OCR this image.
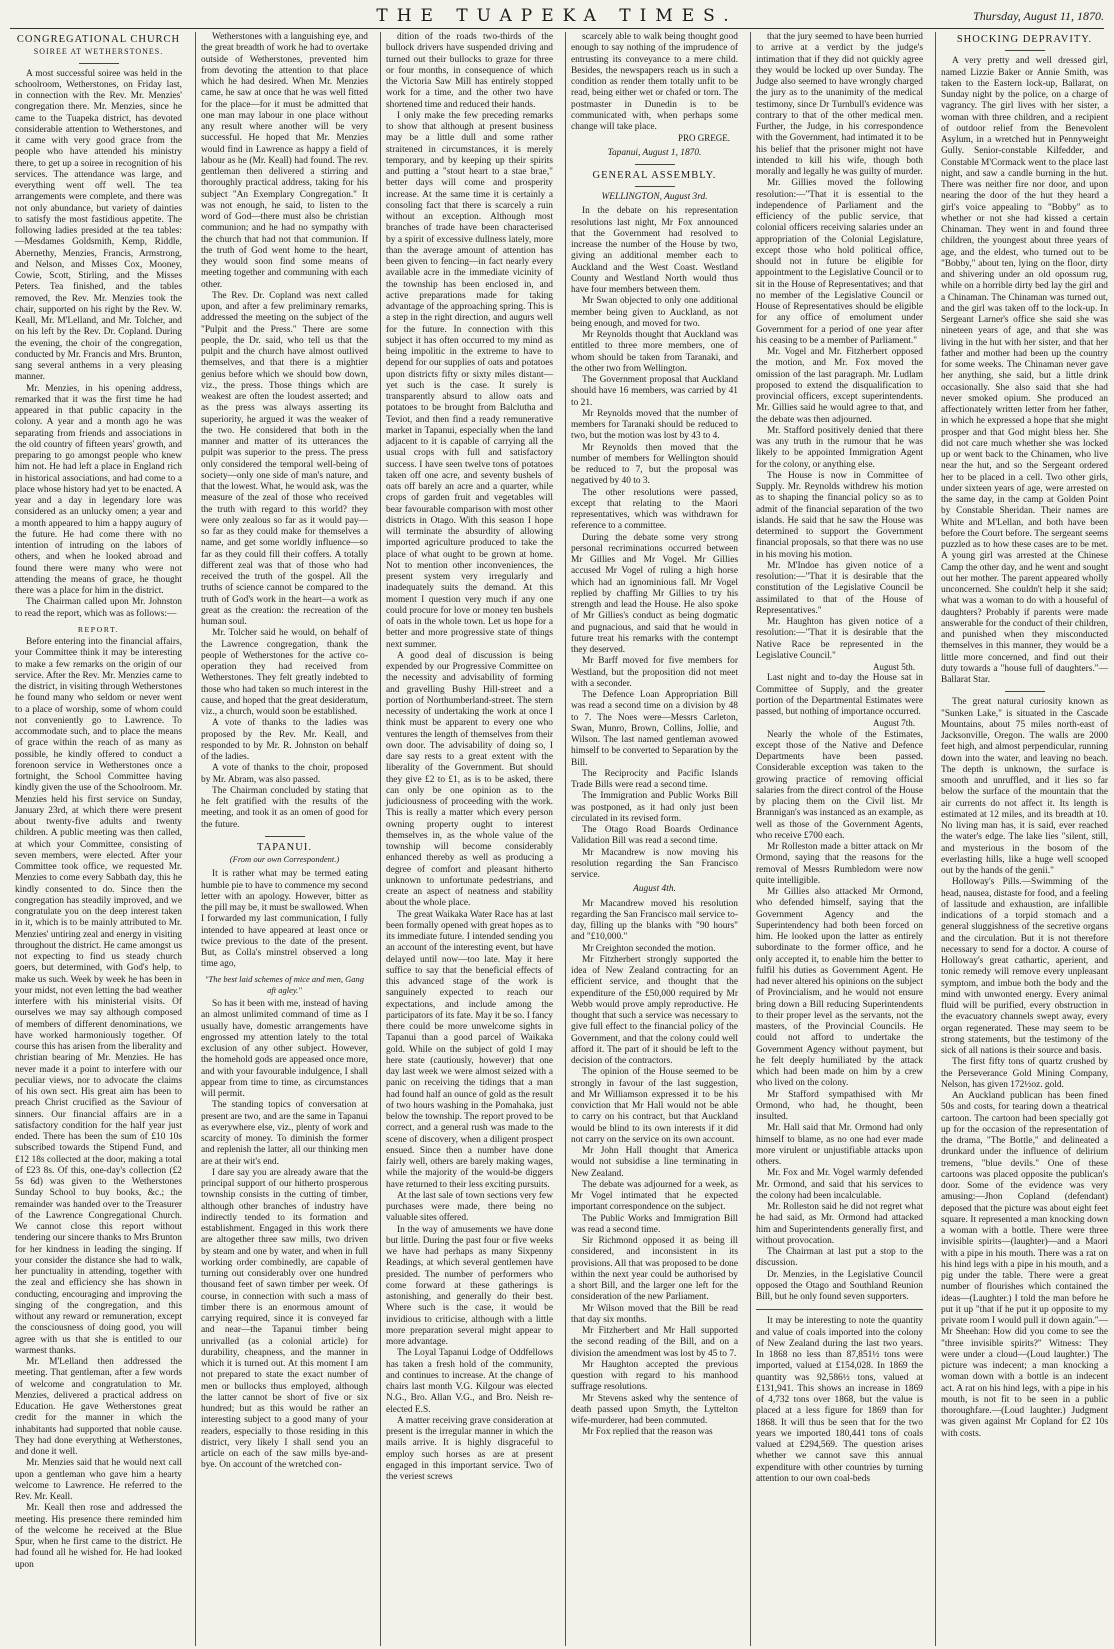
THE TUAPEKA TIMES.	Thursday, August 11, 1870.
CONGREGATIONAL CHURCH
SOIREE AT WETHERSTONES.

A most successful soiree was held in the schoolroom, Wetherstones, on Friday last, in connection with the Rev. Mr. Menzies' congregation there. Mr. Menzies, since he came to the Tuapeka district, has devoted considerable attention to Wetherstones, and it came with very good grace from the people who have attended his ministry there, to get up a soiree in recognition of his services. The attendance was large, and everything went off well. The tea arrangements were complete, and there was not only abundance, but variety of dainties to satisfy the most fastidious appetite. The following ladies presided at the tea tables:—Mesdames Goldsmith, Kemp, Riddle, Abernethy, Menzies, Francis, Armstrong, and Nelson, and Misses Cox, Mooney, Cowie, Scott, Stirling, and the Misses Peters. Tea finished, and the tables removed, the Rev. Mr. Menzies took the chair, supported on his right by the Rev. W. Keall, Mr. M'Lelland, and Mr. Tolcher, and on his left by the Rev. Dr. Copland. During the evening, the choir of the congregation, conducted by Mr. Francis and Mrs. Brunton, sang several anthems in a very pleasing manner.

Mr. Menzies, in his opening address, remarked that it was the first time he had appeared in that public capacity in the colony. A year and a month ago he was separating from friends and associations in the old country of fifteen years' growth, and preparing to go amongst people who knew him not. He had left a place in England rich in historical associations, and had come to a place whose history had yet to be enacted. A year and a day in legendary lore was considered as an unlucky omen; a year and a month appeared to him a happy augury of the future. He had come there with no intention of intruding on the labors of others, and when he looked abroad and found there were many who were not attending the means of grace, he thought there was a place for him in the district.

The Chairman called upon Mr. Johnston to read the report, which was as follows:—

REPORT.

Before entering into the financial affairs, your Committee think it may be interesting to make a few remarks on the origin of our service. After the Rev. Mr. Menzies came to the district, in visiting through Wetherstones he found many who seldom or never went to a place of worship, some of whom could not conveniently go to Lawrence. To accommodate such, and to place the means of grace within the reach of as many as possible, he kindly offered to conduct a forenoon service in Wetherstones once a fortnight, the School Committee having kindly given the use of the Schoolroom. Mr. Menzies held his first service on Sunday, January 23rd, at which there were present about twenty-five adults and twenty children. A public meeting was then called, at which your Committee, consisting of seven members, were elected. After your Committee took office, we requested Mr. Menzies to come every Sabbath day, this he kindly consented to do. Since then the congregation has steadily improved, and we congratulate you on the deep interest taken in it, which is to be mainly attributed to Mr. Menzies' untiring zeal and energy in visiting throughout the district. He came amongst us not expecting to find us steady church goers, but determined, with God's help, to make us such. Week by week he has been in your midst, not even letting the bad weather interfere with his ministerial visits. Of ourselves we may say although composed of members of different denominations, we have worked harmoniously together. Of course this has arisen from the liberality and christian bearing of Mr. Menzies. He has never made it a point to interfere with our peculiar views, nor to advocate the claims of his own sect. His great aim has been to preach Christ crucified as the Saviour of sinners. Our financial affairs are in a satisfactory condition for the half year just ended. There has been the sum of £10 10s subscribed towards the Stipend Fund, and £12 18s collected at the door, making a total of £23 8s. Of this, one-day's collection (£2 5s 6d) was given to the Wetherstones Sunday School to buy books, &c.; the remainder was handed over to the Treasurer of the Lawrence Congregational Church. We cannot close this report without tendering our sincere thanks to Mrs Brunton for her kindness in leading the singing. If your consider the distance she had to walk, her punctuality in attending, together with the zeal and efficiency she has shown in conducting, encouraging and improving the singing of the congregation, and this without any reward or remuneration, except the consciousness of doing good, you will agree with us that she is entitled to our warmest thanks.

Mr. M'Lelland then addressed the meeting. That gentleman, after a few words of welcome and congratulation to Mr. Menzies, delivered a practical address on Education. He gave Wetherstones great credit for the manner in which the inhabitants had supported that noble cause. They had done everything at Wetherstones, and done it well.

Mr. Menzies said that he would next call upon a gentleman who gave him a hearty welcome to Lawrence. He referred to the Rev. Mr. Keall.

Mr. Keall then rose and addressed the meeting. His presence there reminded him of the welcome he received at the Blue Spur, when he first came to the district. He had found all he wished for. He had looked upon

Wetherstones with a languishing eye, and the great breadth of work he had to overtake outside of Wetherstones, prevented him from devoting the attention to that place which he had desired. When Mr. Menzies came, he saw at once that he was well fitted for the place—for it must be admitted that one man may labour in one place without any result where another will be very successful. He hoped that Mr. Menzies would find in Lawrence as happy a field of labour as he (Mr. Keall) had found. The rev. gentleman then delivered a stirring and thoroughly practical address, taking for his subject "An Exemplary Congregation." It was not enough, he said, to listen to the word of God—there must also be christian communion; and he had no sympathy with the church that had not that communion. If the truth of God went home to the heart, they would soon find some means of meeting together and communing with each other.

The Rev. Dr. Copland was next called upon, and after a few preliminary remarks, addressed the meeting on the subject of the "Pulpit and the Press." There are some people, the Dr. said, who tell us that the pulpit and the church have almost outlived themselves, and that there is a mightier genius before which we should bow down, viz., the press. Those things which are weakest are often the loudest asserted; and as the press was always asserting its superiority, he argued it was the weaker of the two. He considered that both in the manner and matter of its utterances the pulpit was superior to the press. The press only considered the temporal well-being of society—only one side of man's nature, and that the lowest. What, he would ask, was the measure of the zeal of those who received the truth with regard to this world? they were only zealous so far as it would pay—so far as they could make for themselves a name, and get some worldly influence—so far as they could fill their coffers. A totally different zeal was that of those who had received the truth of the gospel. All the truths of science cannot be compared to the truth of God's work in the heart—a work as great as the creation: the recreation of the human soul.

Mr. Tolcher said he would, on behalf of the Lawrence congregation, thank the people of Wetherstones for the active co-operation they had received from Wetherstones. They felt greatly indebted to those who had taken so much interest in the cause, and hoped that the great desideratum, viz., a church, would soon be established.

A vote of thanks to the ladies was proposed by the Rev. Mr. Keall, and responded to by Mr. R. Johnston on behalf of the ladies.

A vote of thanks to the choir, proposed by Mr. Abram, was also passed.

The Chairman concluded by stating that he felt gratified with the results of the meeting, and took it as an omen of good for the future.

TAPANUI.
(From our own Correspondent.)

It is rather what may be termed eating humble pie to have to commence my second letter with an apology. However, bitter as the pill may be, it must be swallowed. When I forwarded my last communication, I fully intended to have appeared at least once or twice previous to the date of the present. But, as Colla's minstrel observed a long time ago,

"The best laid schemes of mice and men, Gang aft agley."

So has it been with me, instead of having an almost unlimited command of time as I usually have, domestic arrangements have engrossed my attention lately to the total exclusion of any other subject. However, the homehold gods are appeased once more, and with your favourable indulgence, I shall appear from time to time, as circumstances will permit.

The standing topics of conversation at present are two, and are the same in Tapanui as everywhere else, viz., plenty of work and scarcity of money. To diminish the former and replenish the latter, all our thinking men are at their wit's end.

I dare say you are already aware that the principal support of our hitherto prosperous township consists in the cutting of timber, although other branches of industry have indirectly tended to its formation and establishment. Engaged in this work there are altogether three saw mills, two driven by steam and one by water, and when in full working order combinedly, are capable of turning out considerably over one hundred thousand feet of sawn timber per week. Of course, in connection with such a mass of timber there is an enormous amount of carrying required, since it is conveyed far and near—the Tapanui timber being unrivalled (as a colonial article) for durability, cheapness, and the manner in which it is turned out. At this moment I am not prepared to state the exact number of men or bullocks thus employed, although the latter cannot be short of five or six hundred; but as this would be rather an interesting subject to a good many of your readers, especially to those residing in this district, very likely I shall send you an article on each of the saw mills bye-and-bye. On account of the wretched con-

dition of the roads two-thirds of the bullock drivers have suspended driving and turned out their bullocks to graze for three or four months, in consequence of which the Victoria Saw Mill has entirely stopped work for a time, and the other two have shortened time and reduced their hands.

I only make the few preceding remarks to show that although at present business may be a little dull and some rather straitened in circumstances, it is merely temporary, and by keeping up their spirits and putting a "stout heart to a stae brae," better days will come and prosperity increase. At the same time it is certainly a consoling fact that there is scarcely a ruin without an exception. Although most branches of trade have been characterised by a spirit of excessive dullness lately, more than the average amount of attention has been given to fencing—in fact nearly every available acre in the immediate vicinity of the township has been enclosed in, and active preparations made for taking advantage of the approaching spring. This is a step in the right direction, and augurs well for the future. In connection with this subject it has often occurred to my mind as being impolitic in the extreme to have to depend for our supplies of oats and potatoes upon districts fifty or sixty miles distant—yet such is the case. It surely is transparently absurd to allow oats and potatoes to be brought from Balclutha and Teviot, and then find a ready remunerative market in Tapanui, especially when the land adjacent to it is capable of carrying all the usual crops with full and satisfactory success. I have seen twelve tons of potatoes taken off one acre, and seventy bushels of oats off barely an acre and a quarter, while crops of garden fruit and vegetables will bear favourable comparison with most other districts in Otago. With this season I hope will terminate the absurdity of allowing imported agriculture produced to take the place of what ought to be grown at home. Not to mention other inconveniences, the present system very irregularly and inadequately suits the demand. At this moment I question very much if any one could procure for love or money ten bushels of oats in the whole town. Let us hope for a better and more progressive state of things next summer.

A good deal of discussion is being expended by our Progressive Committee on the necessity and advisability of forming and gravelling Bushy Hill-street and a portion of Northumberland-street. The stern necessity of undertaking the work at once I think must be apparent to every one who ventures the length of themselves from their own door. The advisability of doing so, I dare say rests to a great extent with the liberality of the Government. But should they give £2 to £1, as is to be asked, there can only be one opinion as to the judiciousness of proceeding with the work. This is really a matter which every person owning property ought to interest themselves in, as the whole value of the township will become considerably enhanced thereby as well as producing a degree of comfort and pleasant hitherto unknown to unfortunate pedestrians, and create an aspect of neatness and stability about the whole place.

The great Waikaka Water Race has at last been formally opened with great hopes as to its immediate future. I intended sending you an account of the interesting event, but have delayed until now—too late. May it here suffice to say that the beneficial effects of this advanced stage of the work is sanguinely expected to reach our expectations, and include among the participators of its fate. May it be so. I fancy there could be more unwelcome sights in Tapanui than a good parcel of Waikaka gold. While on the subject of gold I may here state (cautiously, however) that one day last week we were almost seized with a panic on receiving the tidings that a man had found half an ounce of gold as the result of two hours washing in the Pomahaka, just below the township. The report proved to be correct, and a general rush was made to the scene of discovery, when a diligent prospect ensued. Since then a number have done fairly well, others are barely making wages, while the majority of the would-be diggers have returned to their less exciting pursuits.

At the last sale of town sections very few purchases were made, there being no valuable sites offered.

In the way of amusements we have done but little. During the past four or five weeks we have had perhaps as many Sixpenny Readings, at which several gentlemen have presided. The number of performers who come forward at these gatherings is astonishing, and generally do their best. Where such is the case, it would be invidious to criticise, although with a little more preparation several might appear to more advantage.

The Loyal Tapanui Lodge of Oddfellows has taken a fresh hold of the community, and continues to increase. At the change of chairs last month V.G. Kilgour was elected N.G., Bro. Allan V.G., and Bro. Neish re-elected E.S.

A matter receiving grave consideration at present is the irregular manner in which the mails arrive. It is highly disgraceful to employ such horses as are at present engaged in this important service. Two of the veriest screws

scarcely able to walk being thought good enough to say nothing of the imprudence of entrusting its conveyance to a mere child. Besides, the newspapers reach us in such a condition as render them totally unfit to be read, being either wet or chafed or torn. The postmaster in Dunedin is to be communicated with, when perhaps some change will take place.

PRO GREGE.
Tapanui, August 1, 1870.
GENERAL ASSEMBLY.
WELLINGTON, August 3rd.

In the debate on his representation resolutions last night, Mr Fox announced that the Government had resolved to increase the number of the House by two, giving an additional member each to Auckland and the West Coast. Westland County and Westland North would thus have four members between them.

Mr Swan objected to only one additional member being given to Auckland, as not being enough, and moved for two.

Mr Reynolds thought that Auckland was entitled to three more members, one of whom should be taken from Taranaki, and the other two from Wellington.

The Government proposal that Auckland should have 16 members, was carried by 41 to 21.

Mr Reynolds moved that the number of members for Taranaki should be reduced to two, but the motion was lost by 43 to 4.

Mr Reynolds then moved that the number of members for Wellington should be reduced to 7, but the proposal was negatived by 40 to 3.

The other resolutions were passed, except that relating to the Maori representatives, which was withdrawn for reference to a committee.

During the debate some very strong personal recriminations occurred between Mr Gillies and Mr Vogel. Mr Gillies accused Mr Vogel of ruling a high horse which had an ignominious fall. Mr Vogel replied by chaffing Mr Gillies to try his strength and lead the House. He also spoke of Mr Gillies's conduct as being dogmatic and pugnacious, and said that he would in future treat his remarks with the contempt they deserved.

Mr Barff moved for five members for Westland, but the proposition did not meet with a seconder.

The Defence Loan Appropriation Bill was read a second time on a division by 48 to 7. The Noes were—Messrs Carleton, Swan, Munro, Brown, Collins, Jollie, and Wilson. The last named gentleman avowed himself to be converted to Separation by the Bill.

The Reciprocity and Pacific Islands Trade Bills were read a second time.

The Immigration and Public Works Bill was postponed, as it had only just been circulated in its revised form.

The Otago Road Boards Ordinance Validation Bill was read a second time.

Mr Macandrew is now moving his resolution regarding the San Francisco service.

August 4th.

Mr Macandrew moved his resolution regarding the San Francisco mail service to-day, filling up the blanks with "90 hours" and "£10,000."

Mr Creighton seconded the motion.

Mr Fitzherbert strongly supported the idea of New Zealand contracting for an efficient service, and thought that the expenditure of the £50,000 required by Mr Webb would prove amply reproductive. He thought that such a service was necessary to give full effect to the financial policy of the Government, and that the colony could well afford it. The part of it should be left to the decision of the contractors.

The opinion of the House seemed to be strongly in favour of the last suggestion, and Mr Williamson expressed it to be his conviction that Mr Hall would not be able to carry on his contract, but that Auckland would be blind to its own interests if it did not carry on the service on its own account.

Mr John Hall thought that America would not subsidise a line terminating in New Zealand.

The debate was adjourned for a week, as Mr Vogel intimated that he expected important correspondence on the subject.

The Public Works and Immigration Bill was read a second time.

Sir Richmond opposed it as being ill considered, and inconsistent in its provisions. All that was proposed to be done within the next year could be authorised by a short Bill, and the larger one left for the consideration of the new Parliament.

Mr Wilson moved that the Bill be read that day six months.

Mr Fitzherbert and Mr Hall supported the second reading of the Bill, and on a division the amendment was lost by 45 to 7.

Mr Haughton accepted the previous question with regard to his manhood suffrage resolutions.

Mr Stevens asked why the sentence of death passed upon Smyth, the Lyttelton wife-murderer, had been commuted.

Mr Fox replied that the reason was

that the jury seemed to have been hurried to arrive at a verdict by the judge's intimation that if they did not quickly agree they would be locked up over Sunday. The Judge also seemed to have wrongly charged the jury as to the unanimity of the medical testimony, since Dr Turnbull's evidence was contrary to that of the other medical men. Further, the Judge, in his correspondence with the Government, had intimated it to be his belief that the prisoner might not have intended to kill his wife, though both morally and legally he was guilty of murder.

Mr. Gillies moved the following resolution:—"That it is essential to the independence of Parliament and the efficiency of the public service, that colonial officers receiving salaries under an appropriation of the Colonial Legislature, except those who hold political office, should not in future be eligible for appointment to the Legislative Council or to sit in the House of Representatives; and that no member of the Legislative Council or House of Representatives should be eligible for any office of emolument under Government for a period of one year after his ceasing to be a member of Parliament."

Mr. Vogel and Mr. Fitzherbert opposed the motion, and Mr. Fox moved the omission of the last paragraph. Mr. Ludlam proposed to extend the disqualification to provincial officers, except superintendents. Mr. Gillies said he would agree to that, and the debate was then adjourned.

Mr. Stafford positively denied that there was any truth in the rumour that he was likely to be appointed Immigration Agent for the colony, or anything else.

The House is now in Committee of Supply. Mr. Reynolds withdrew his motion as to shaping the financial policy so as to admit of the financial separation of the two islands. He said that he saw the House was determined to support the Government financial proposals, so that there was no use in his moving his motion.

Mr. M'Indoe has given notice of a resolution:—"That it is desirable that the constitution of the Legislative Council be assimilated to that of the House of Representatives."

Mr. Haughton has given notice of a resolution:—"That it is desirable that the Native Race be represented in the Legislative Council."

August 5th.

Last night and to-day the House sat in Committee of Supply, and the greater portion of the Departmental Estimates were passed, but nothing of importance occurred.

August 7th.

Nearly the whole of the Estimates, except those of the Native and Defence Departments have been passed. Considerable exception was taken to the growing practice of removing official salaries from the direct control of the House by placing them on the Civil list. Mr Brannigan's was instanced as an example, as well as those of the Government Agents, who receive £700 each.

Mr Rolleston made a bitter attack on Mr Ormond, saying that the reasons for the removal of Messrs Rumbledom were now quite intelligible.

Mr Gillies also attacked Mr Ormond, who defended himself, saying that the Government Agency and the Superintendency had both been forced on him. He looked upon the latter as entirely subordinate to the former office, and he only accepted it, to enable him the better to fulfil his duties as Government Agent. He had never altered his opinions on the subject of Provincialism, and he would not ensure bring down a Bill reducing Superintendents to their proper level as the servants, not the masters, of the Provincial Councils. He could not afford to undertake the Government Agency without payment, but he felt deeply humiliated by the attack which had been made on him by a crew who lived on the colony.

Mr Stafford sympathised with Mr Ormond, who had, he thought, been insulted.

Mr. Hall said that Mr. Ormond had only himself to blame, as no one had ever made more virulent or unjustifiable attacks upon others.

Mr. Fox and Mr. Vogel warmly defended Mr. Ormond, and said that his services to the colony had been incalculable.

Mr. Rolleston said he did not regret what he had said, as Mr. Ormond had attacked him and Superintendents generally first, and without provocation.

The Chairman at last put a stop to the discussion.

Dr. Menzies, in the Legislative Council opposed the Otago and Southland Reunion Bill, but he only found seven supporters.

It may be interesting to note the quantity and value of coals imported into the colony of New Zealand during the last two years. In 1868 no less than 87,851½ tons were imported, valued at £154,028. In 1869 the quantity was 92,586½ tons, valued at £131,941. This shows an increase in 1869 of 4,732 tons over 1868, but the value is placed at a less figure for 1869 than for 1868. It will thus be seen that for the two years we imported 180,441 tons of coals valued at £294,569. The question arises whether we cannot save this annual expenditure with other countries by turning attention to our own coal-beds

SHOCKING DEPRAVITY.

A very pretty and well dressed girl, named Lizzie Baker or Annie Smith, was taken to the Eastern lock-up, Ballarat, on Sunday night by the police, on a charge of vagrancy. The girl lives with her sister, a woman with three children, and a recipient of outdoor relief from the Benevolent Asylum, in a wretched hut in Pennyweight Gully. Senior-constable Kilfedder, and Constable M'Cormack went to the place last night, and saw a candle burning in the hut. There was neither fire nor door, and upon nearing the door of the hut they heard a girl's voice appealing to "Bobby" as to whether or not she had kissed a certain Chinaman. They went in and found three children, the youngest about three years of age, and the eldest, who turned out to be "Bobby," about ten, lying on the floor, dirty and shivering under an old opossum rug, while on a horrible dirty bed lay the girl and a Chinaman. The Chinaman was turned out, and the girl was taken off to the lock-up. In Sergeant Larner's office she said she was nineteen years of age, and that she was living in the hut with her sister, and that her father and mother had been up the country for some weeks. The Chinaman never gave her anything, she said, but a little drink occasionally. She also said that she had never smoked opium. She produced an affectionately written letter from her father, in which he expressed a hope that she might prosper and that God might bless her. She did not care much whether she was locked up or went back to the Chinamen, who live near the hut, and so the Sergeant ordered her to be placed in a cell. Two other girls, under sixteen years of age, were arrested on the same day, in the camp at Golden Point by Constable Sheridan. Their names are White and M'Lellan, and both have been before the Court before. The sergeant seems puzzled as to how these cases are to be met. A young girl was arrested at the Chinese Camp the other day, and he went and sought out her mother. The parent appeared wholly unconcerned. She couldn't help it she said; what was a woman to do with a houseful of daughters? Probably if parents were made answerable for the conduct of their children, and punished when they misconducted themselves in this manner, they would be a little more concerned, and find out their duty towards a "house full of daughters."—Ballarat Star.

The great natural curiosity known as "Sunken Lake," is situated in the Cascade Mountains, about 75 miles north-east of Jacksonville, Oregon. The walls are 2000 feet high, and almost perpendicular, running down into the water, and leaving no beach. The depth is unknown, the surface is smooth and unruffled, and it lies so far below the surface of the mountain that the air currents do not affect it. Its length is estimated at 12 miles, and its breadth at 10. No living man has, it is said, ever reached the water's edge. The lake lies "silent, still, and mysterious in the bosom of the everlasting hills, like a huge well scooped out by the hands of the genii."

Holloway's Pills.—Swimming of the head, nausea, distaste for food, and a feeling of lassitude and exhaustion, are infallible indications of a torpid stomach and a general sluggishness of the secretive organs and the circulation. But it is not therefore necessary to send for a doctor. A course of Holloway's great cathartic, aperient, and tonic remedy will remove every unpleasant symptom, and imbue both the body and the mind with unwonted energy. Every animal fluid will be purified, every obstruction in the evacuatory channels swept away, every organ regenerated. These may seem to be strong statements, but the testimony of the sick of all nations is their source and basis.

The first fifty tons of quartz crushed by the Perseverance Gold Mining Company, Nelson, has given 172½oz. gold.

An Auckland publican has been fined 50s and costs, for tearing down a theatrical cartoon. The cartoon had been specially got up for the occasion of the representation of the drama, "The Bottle," and delineated a drunkard under the influence of delirium tremens, "blue devils." One of these cartoons was placed opposite the publican's door. Some of the evidence was very amusing:—Jhon Copland (defendant) deposed that the picture was about eight feet square. It represented a man knocking down a woman with a bottle. There were three invisible spirits—(laughter)—and a Maori with a pipe in his mouth. There was a rat on his hind legs with a pipe in his mouth, and a pig under the table. There were a great number of flourishes which contained the ideas—(Laughter.) I told the man before he put it up "that if he put it up opposite to my private room I would pull it down again."—Mr Sheehan: How did you come to see the "three invisible spirits?" Witness: They were under a cloud—(Loud laughter.) The picture was indecent; a man knocking a woman down with a bottle is an indecent act. A rat on his hind legs, with a pipe in his mouth, is not fit to be seen in a public thoroughfare.—(Loud laughter.) Judgment was given against Mr Copland for £2 10s with costs.
